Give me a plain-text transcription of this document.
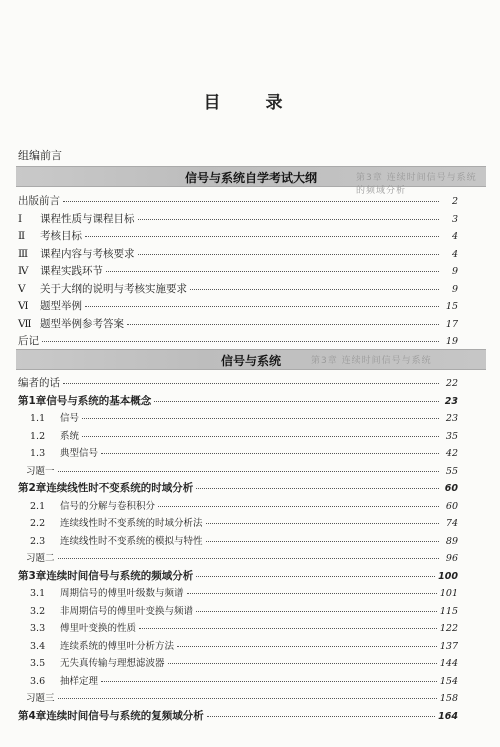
目　录
组编前言
第3章 连续时间信号与系统的频域分析
信号与系统自学考试大纲
出版前言	2
Ⅰ	课程性质与课程目标	3
Ⅱ	考核目标	4
Ⅲ	课程内容与考核要求	4
Ⅳ	课程实践环节	9
Ⅴ	关于大纲的说明与考核实施要求	9
Ⅵ	题型举例	15
Ⅶ 题型举例参考答案	17
后记	19
第3章 连续时间信号与系统
信号与系统
编者的话	22
第1章 信号与系统的基本概念	23
1.1	信号	23
1.2	系统	35
1.3	典型信号	42
习题一	55
第2章 连续线性时不变系统的时域分析	60
2.1	信号的分解与卷积积分	60
2.2	连续线性时不变系统的时域分析法	74
2.3	连续线性时不变系统的模拟与特性	89
习题二	96
第3章 连续时间信号与系统的频域分析	100
3.1	周期信号的傅里叶级数与频谱	101
3.2	非周期信号的傅里叶变换与频谱	115
3.3	傅里叶变换的性质	122
3.4	连续系统的傅里叶分析方法	137
3.5	无失真传输与理想滤波器	144
3.6	抽样定理	154
习题三	158
第4章 连续时间信号与系统的复频域分析	164
